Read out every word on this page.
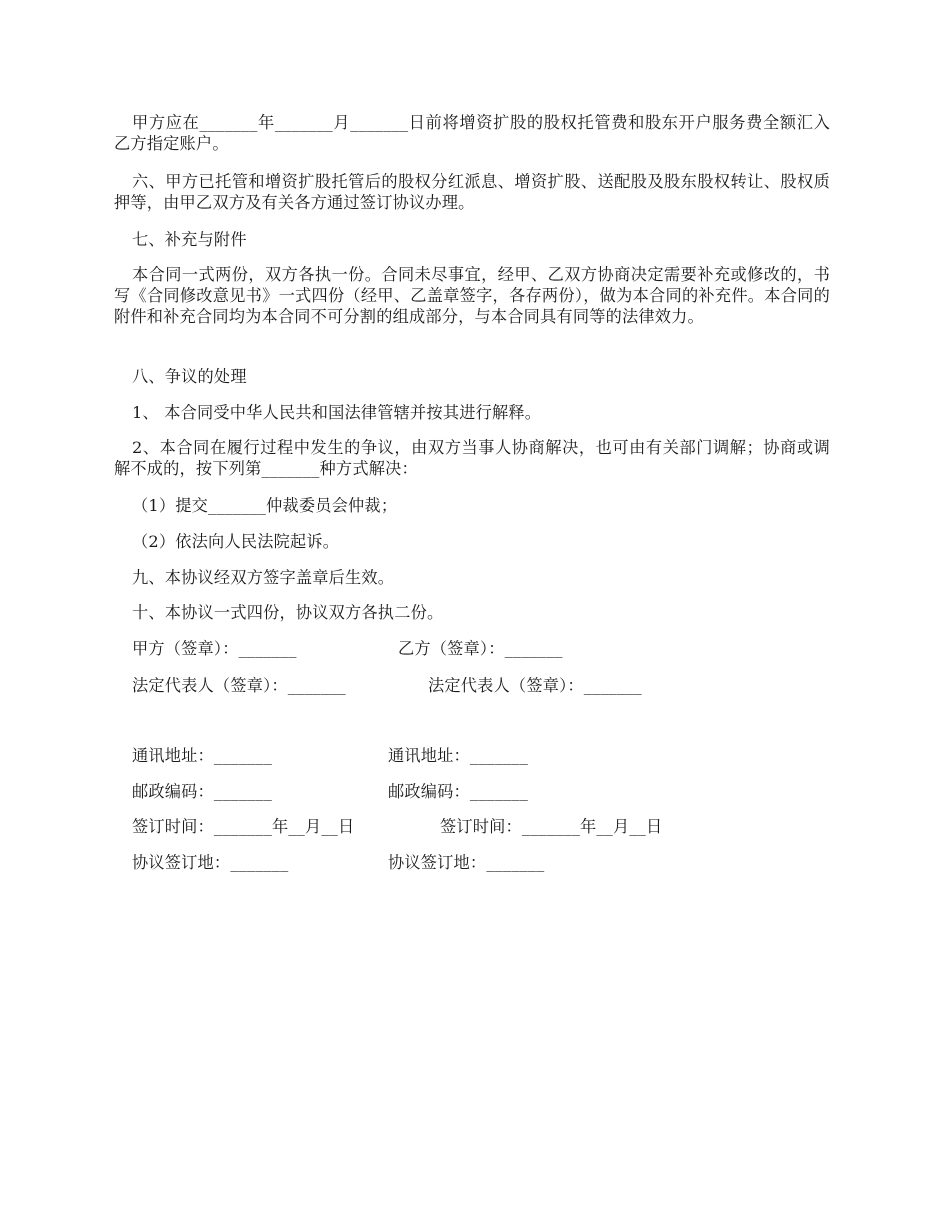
甲方应在_______年_______月_______日前将增资扩股的股权托管费和股东开户服务费全额汇入乙方指定账户。

六、甲方已托管和增资扩股托管后的股权分红派息、增资扩股、送配股及股东股权转让、股权质押等，由甲乙双方及有关各方通过签订协议办理。

七、补充与附件

本合同一式两份，双方各执一份。合同未尽事宜，经甲、乙双方协商决定需要补充或修改的，书写《合同修改意见书》一式四份（经甲、乙盖章签字，各存两份），做为本合同的补充件。本合同的附件和补充合同均为本合同不可分割的组成部分，与本合同具有同等的法律效力。

八、争议的处理

1、 本合同受中华人民共和国法律管辖并按其进行解释。

2、本合同在履行过程中发生的争议，由双方当事人协商解决，也可由有关部门调解；协商或调解不成的，按下列第_______种方式解决：

（1）提交_______仲裁委员会仲裁；

（2）依法向人民法院起诉。

九、本协议经双方签字盖章后生效。

十、本协议一式四份，协议双方各执二份。

甲方（签章）：_______	乙方（签章）：_______
法定代表人（签章）：_______	法定代表人（签章）：_______
通讯地址：_______	通讯地址：_______
邮政编码：_______	邮政编码：_______
签订时间：_______年__月__日	签订时间：_______年__月__日
协议签订地：_______	协议签订地：_______
